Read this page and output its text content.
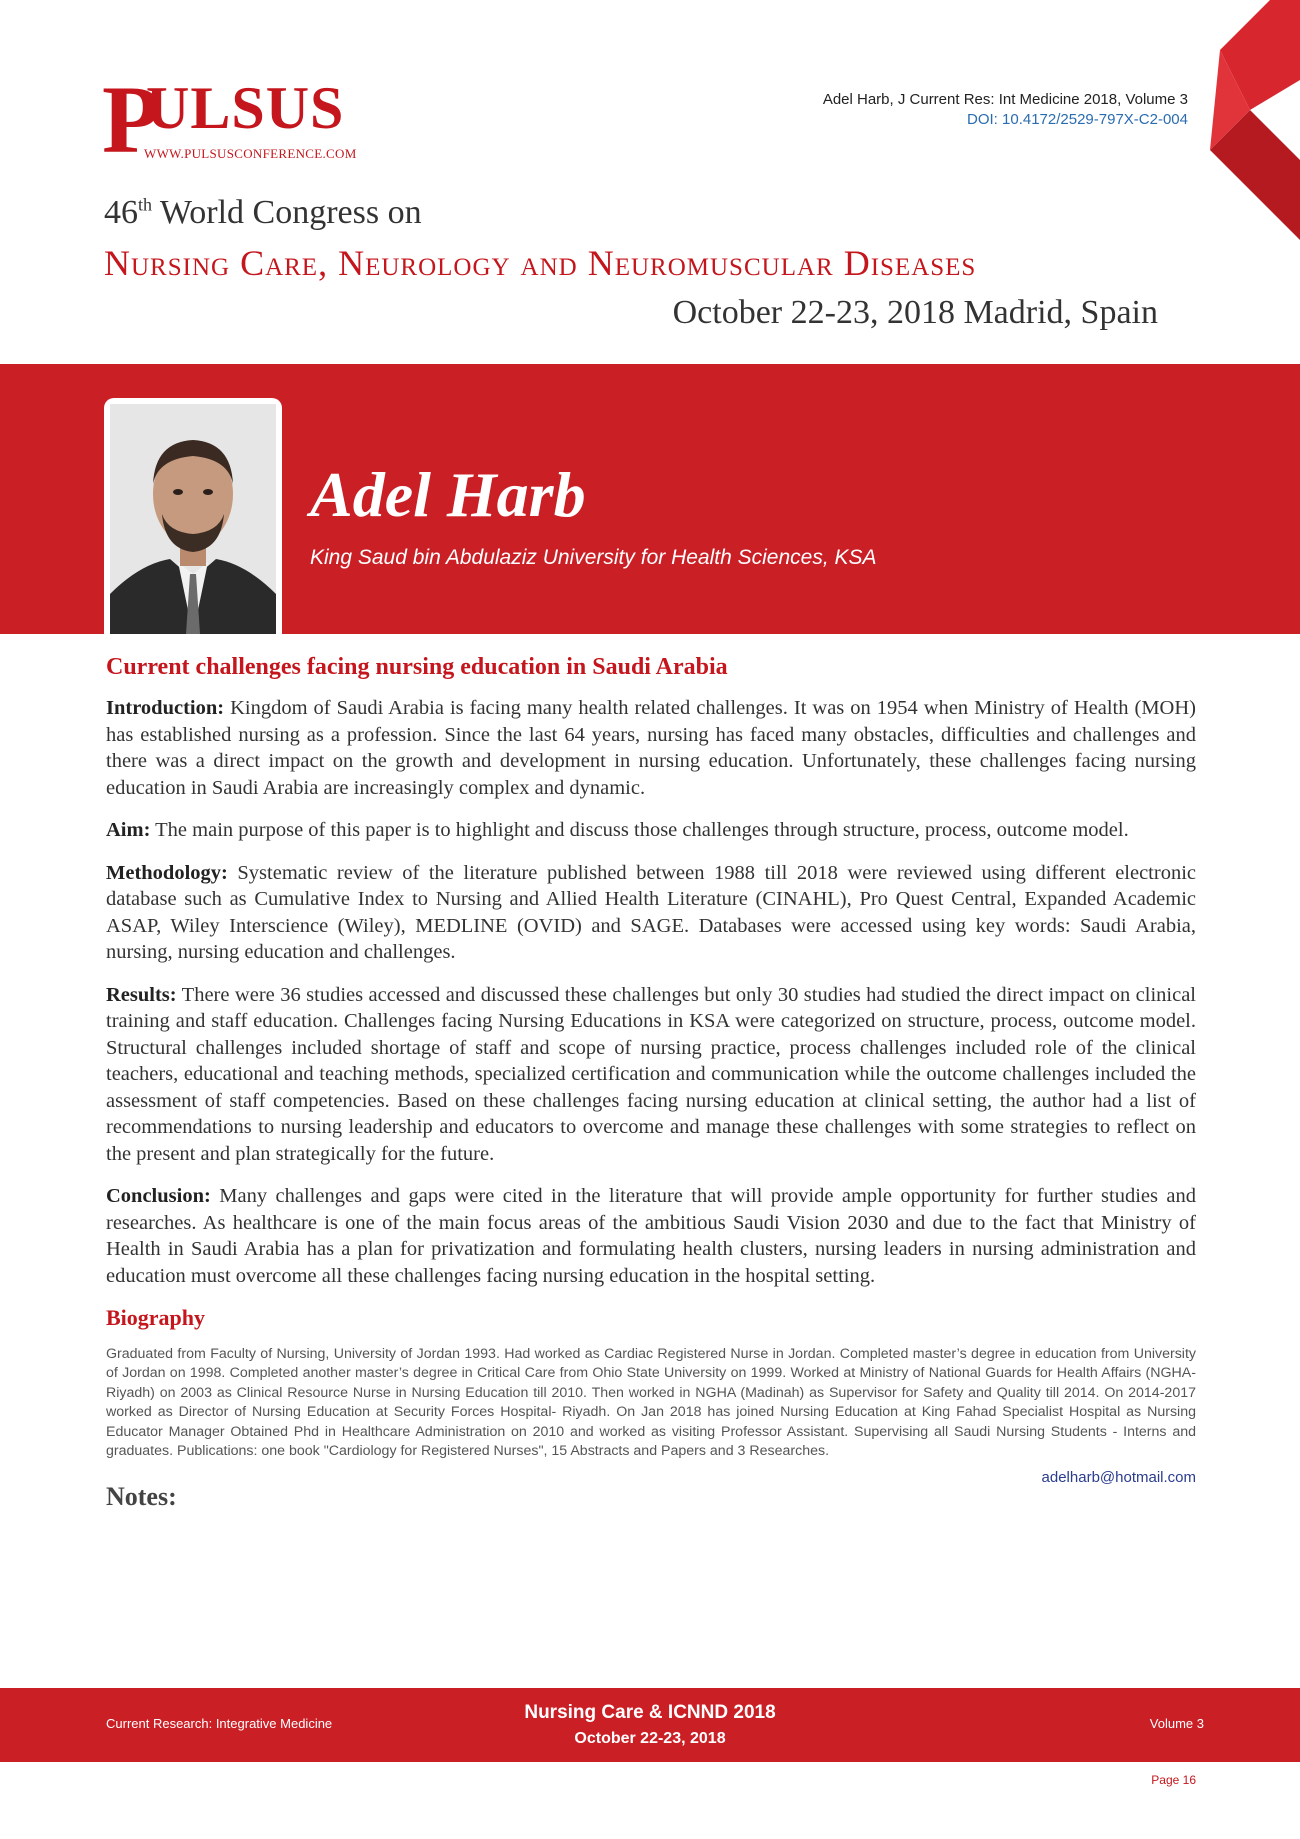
P
ULSUS
WWW.PULSUSCONFERENCE.COM
Adel Harb, J Current Res: Int Medicine 2018, Volume 3
DOI: 10.4172/2529-797X-C2-004
46th World Congress on
Nursing Care, Neurology and Neuromuscular Diseases
October 22-23, 2018 Madrid, Spain
Adel Harb
King Saud bin Abdulaziz University for Health Sciences, KSA
Current challenges facing nursing education in Saudi Arabia

Introduction: Kingdom of Saudi Arabia is facing many health related challenges. It was on 1954 when Ministry of Health (MOH) has established nursing as a profession. Since the last 64 years, nursing has faced many obstacles, difficulties and challenges and there was a direct impact on the growth and development in nursing education. Unfortunately, these challenges facing nursing education in Saudi Arabia are increasingly complex and dynamic.

Aim: The main purpose of this paper is to highlight and discuss those challenges through structure, process, outcome model.

Methodology: Systematic review of the literature published between 1988 till 2018 were reviewed using different electronic database such as Cumulative Index to Nursing and Allied Health Literature (CINAHL), Pro Quest Central, Expanded Academic ASAP, Wiley Interscience (Wiley), MEDLINE (OVID) and SAGE. Databases were accessed using key words: Saudi Arabia, nursing, nursing education and challenges.

Results: There were 36 studies accessed and discussed these challenges but only 30 studies had studied the direct impact on clinical training and staff education. Challenges facing Nursing Educations in KSA were categorized on structure, process, outcome model. Structural challenges included shortage of staff and scope of nursing practice, process challenges included role of the clinical teachers, educational and teaching methods, specialized certification and communication while the outcome challenges included the assessment of staff competencies. Based on these challenges facing nursing education at clinical setting, the author had a list of recommendations to nursing leadership and educators to overcome and manage these challenges with some strategies to reflect on the present and plan strategically for the future.

Conclusion: Many challenges and gaps were cited in the literature that will provide ample opportunity for further studies and researches. As healthcare is one of the main focus areas of the ambitious Saudi Vision 2030 and due to the fact that Ministry of Health in Saudi Arabia has a plan for privatization and formulating health clusters, nursing leaders in nursing administration and education must overcome all these challenges facing nursing education in the hospital setting.

Biography

Graduated from Faculty of Nursing, University of Jordan 1993. Had worked as Cardiac Registered Nurse in Jordan. Completed master’s degree in education from University of Jordan on 1998. Completed another master’s degree in Critical Care from Ohio State University on 1999. Worked at Ministry of National Guards for Health Affairs (NGHA-Riyadh) on 2003 as Clinical Resource Nurse in Nursing Education till 2010. Then worked in NGHA (Madinah) as Supervisor for Safety and Quality till 2014. On 2014-2017 worked as Director of Nursing Education at Security Forces Hospital- Riyadh. On Jan 2018 has joined Nursing Education at King Fahad Specialist Hospital as Nursing Educator Manager Obtained Phd in Healthcare Administration on 2010 and worked as visiting Professor Assistant. Supervising all Saudi Nursing Students - Interns and graduates. Publications: one book "Cardiology for Registered Nurses", 15 Abstracts and Papers and 3 Researches.

adelharb@hotmail.com
Notes:
Current Research: Integrative Medicine
Nursing Care & ICNND 2018
October 22-23, 2018
Volume 3
Page 16
